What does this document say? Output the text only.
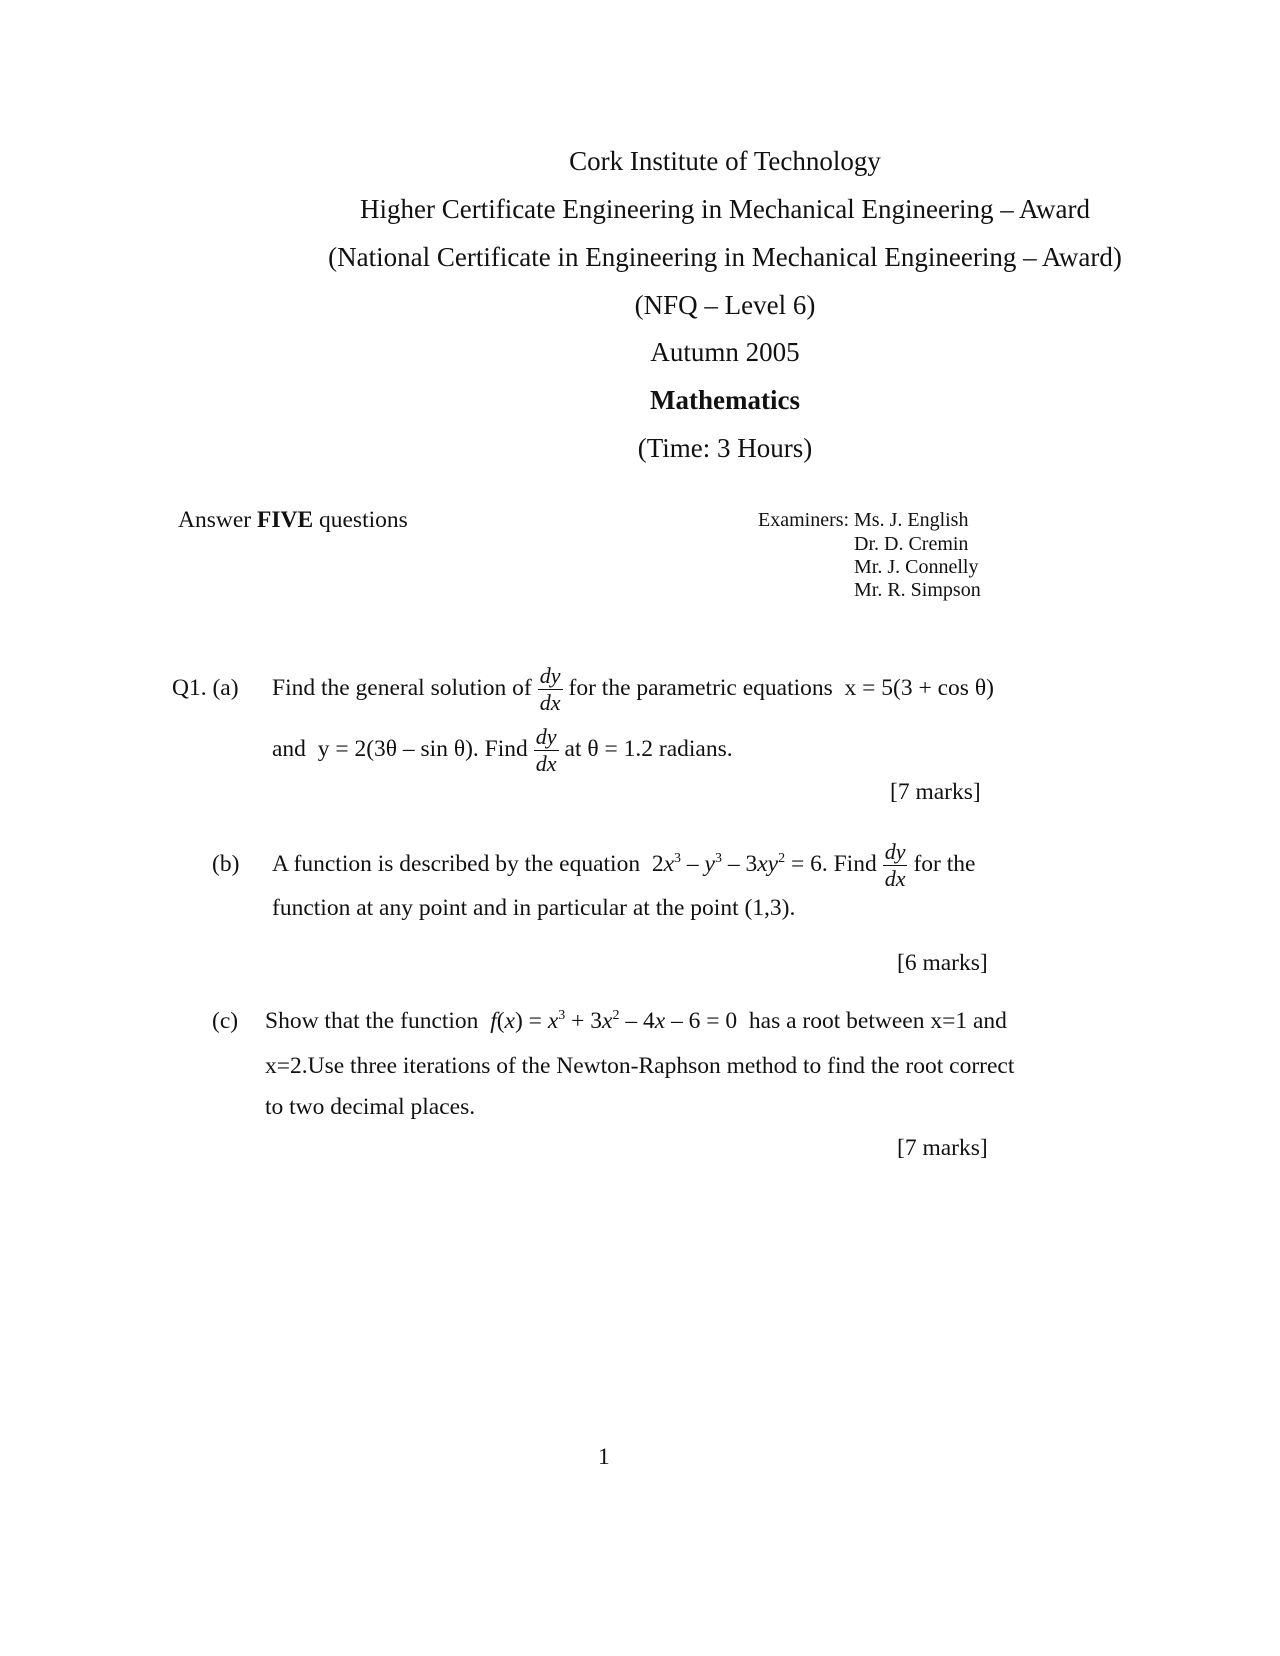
Cork Institute of Technology
Higher Certificate Engineering in Mechanical Engineering – Award
(National Certificate in Engineering in Mechanical Engineering – Award)
(NFQ – Level 6)
Autumn 2005
Mathematics
(Time: 3 Hours)
Answer FIVE questions	Examiners: Ms. J. English
Dr. D. Cremin
Mr. J. Connelly
Mr. R. Simpson
Q1. (a) Find the general solution of $\frac{dy}{dx}$ for the parametric equations x = 5(3 + cos θ)
and y = 2(3θ – sin θ). Find $\frac{dy}{dx}$ at θ = 1.2 radians.
[7 marks]
(b) A function is described by the equation $2x^3 - y^3 - 3xy^2 = 6$. Find $\frac{dy}{dx}$ for the
function at any point and in particular at the point (1,3).
[6 marks]
(c) Show that the function $f(x) = x^3 + 3x^2 - 4x - 6 = 0$ has a root between x=1 and
x=2.Use three iterations of the Newton-Raphson method to find the root correct
to two decimal places.
[7 marks]
1
